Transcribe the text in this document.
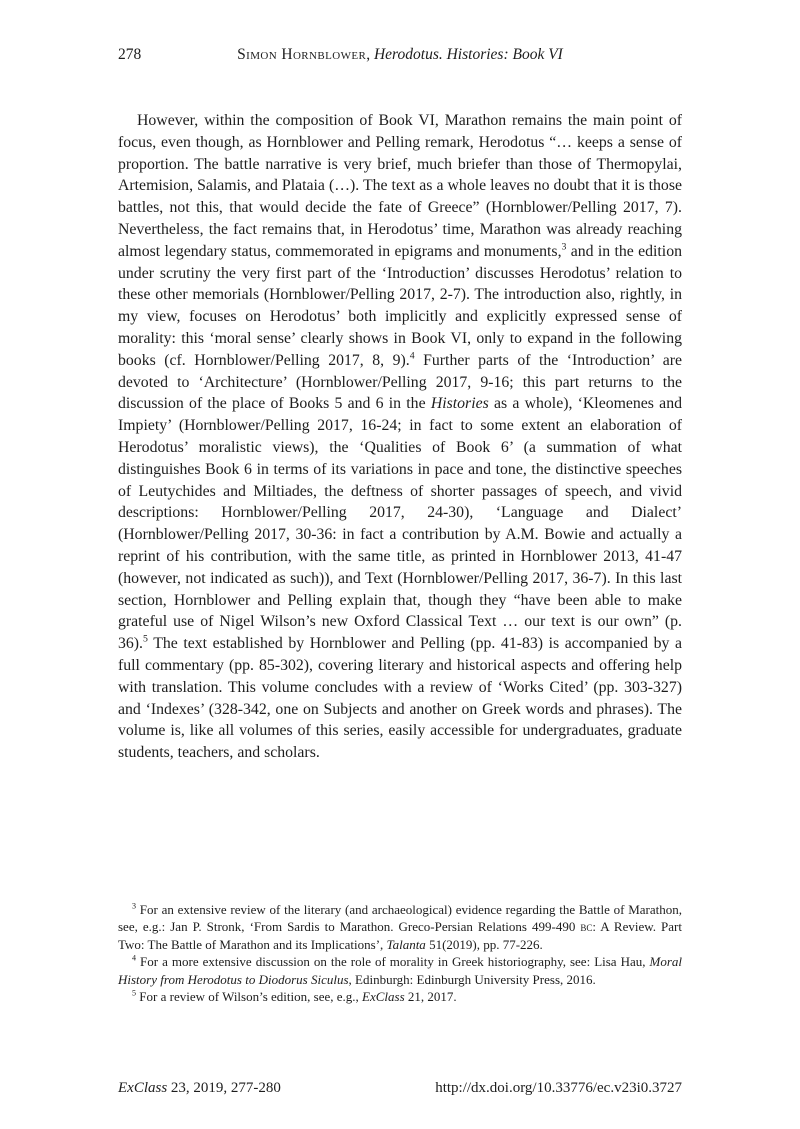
278	Simon Hornblower, Herodotus. Histories: Book VI
However, within the composition of Book VI, Marathon remains the main point of focus, even though, as Hornblower and Pelling remark, Herodotus “… keeps a sense of proportion. The battle narrative is very brief, much briefer than those of Thermopylai, Artemision, Salamis, and Plataia (…). The text as a whole leaves no doubt that it is those battles, not this, that would decide the fate of Greece” (Hornblower/Pelling 2017, 7). Nevertheless, the fact remains that, in Herodotus’ time, Marathon was already reaching almost legendary status, commemorated in epigrams and monuments,$^3$ and in the edition under scrutiny the very first part of the ‘Introduction’ discusses Herodotus’ relation to these other memorials (Hornblower/Pelling 2017, 2-7). The introduction also, rightly, in my view, focuses on Herodotus’ both implicitly and explicitly expressed sense of morality: this ‘moral sense’ clearly shows in Book VI, only to expand in the following books (cf. Hornblower/Pelling 2017, 8, 9).$^4$ Further parts of the ‘Introduction’ are devoted to ‘Architecture’ (Hornblower/Pelling 2017, 9-16; this part returns to the discussion of the place of Books 5 and 6 in the Histories as a whole), ‘Kleomenes and Impiety’ (Hornblower/Pelling 2017, 16-24; in fact to some extent an elaboration of Herodotus’ moralistic views), the ‘Qualities of Book 6’ (a summation of what distinguishes Book 6 in terms of its variations in pace and tone, the distinctive speeches of Leutychides and Miltiades, the deftness of shorter passages of speech, and vivid descriptions: Hornblower/Pelling 2017, 24-30), ‘Language and Dialect’ (Hornblower/Pelling 2017, 30-36: in fact a contribution by A.M. Bowie and actually a reprint of his contribution, with the same title, as printed in Hornblower 2013, 41-47 (however, not indicated as such)), and Text (Hornblower/Pelling 2017, 36-7). In this last section, Hornblower and Pelling explain that, though they “have been able to make grateful use of Nigel Wilson’s new Oxford Classical Text … our text is our own” (p. 36).$^5$ The text established by Hornblower and Pelling (pp. 41-83) is accompanied by a full commentary (pp. 85-302), covering literary and historical aspects and offering help with translation. This volume concludes with a review of ‘Works Cited’ (pp. 303-327) and ‘Indexes’ (328-342, one on Subjects and another on Greek words and phrases). The volume is, like all volumes of this series, easily accessible for undergraduates, graduate students, teachers, and scholars.
$^3$ For an extensive review of the literary (and archaeological) evidence regarding the Battle of Marathon, see, e.g.: Jan P. Stronk, ‘From Sardis to Marathon. Greco-Persian Relations 499-490 bc: A Review. Part Two: The Battle of Marathon and its Implications’, Talanta 51(2019), pp. 77-226.
$^4$ For a more extensive discussion on the role of morality in Greek historiography, see: Lisa Hau, Moral History from Herodotus to Diodorus Siculus, Edinburgh: Edinburgh University Press, 2016.
$^5$ For a review of Wilson’s edition, see, e.g., ExClass 21, 2017.
ExClass 23, 2019, 277-280	http://dx.doi.org/10.33776/ec.v23i0.3727
